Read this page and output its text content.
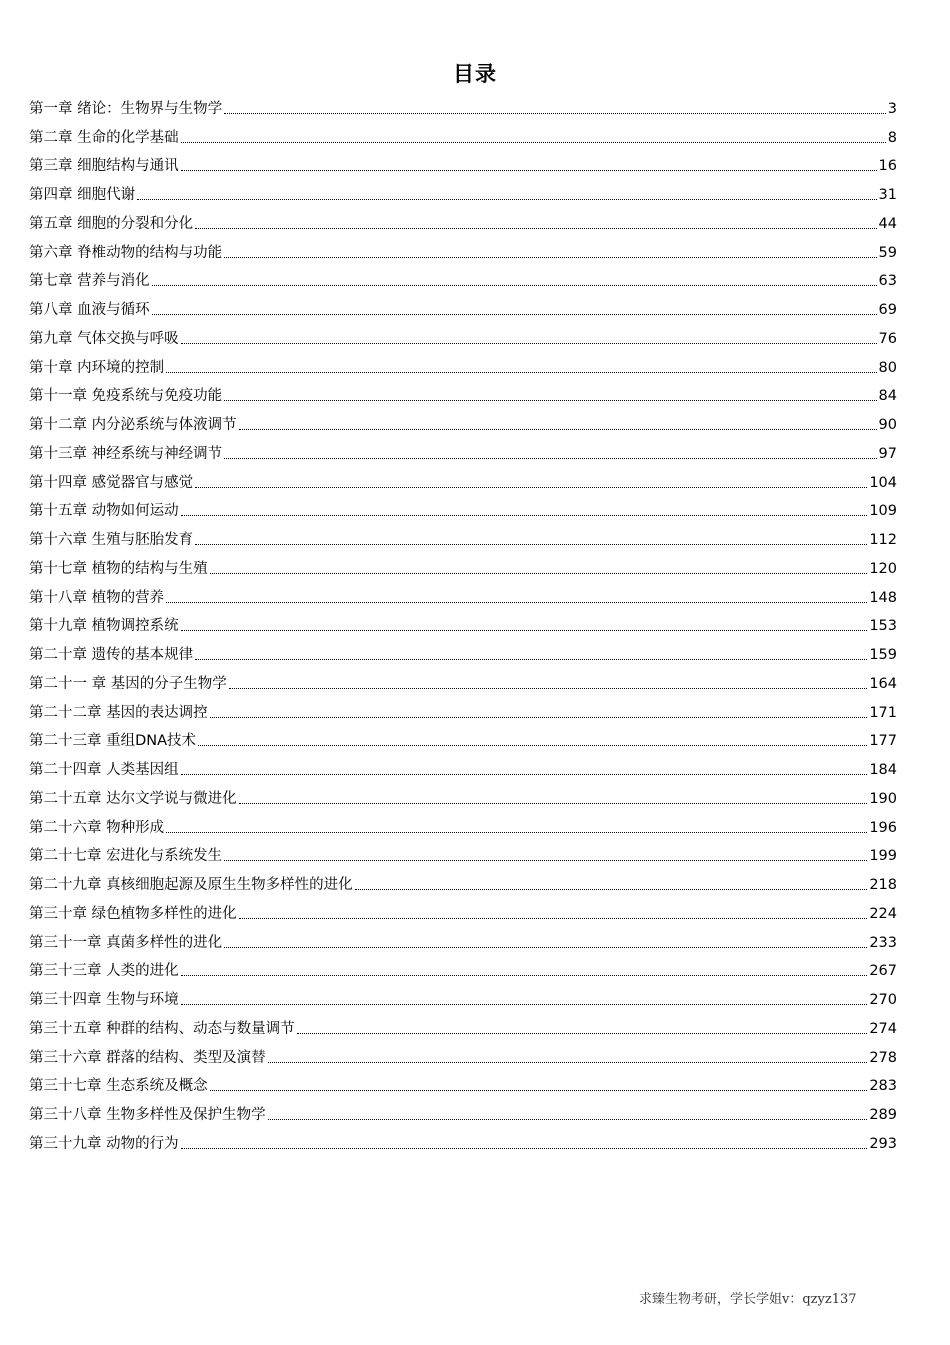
目录
第一章 绪论：生物界与生物学	3
第二章 生命的化学基础	8
第三章 细胞结构与通讯	16
第四章 细胞代谢	31
第五章 细胞的分裂和分化	44
第六章 脊椎动物的结构与功能	59
第七章 营养与消化	63
第八章 血液与循环	69
第九章 气体交换与呼吸	76
第十章 内环境的控制	80
第十一章 免疫系统与免疫功能	84
第十二章 内分泌系统与体液调节	90
第十三章 神经系统与神经调节	97
第十四章 感觉器官与感觉	104
第十五章 动物如何运动	109
第十六章 生殖与胚胎发育	112
第十七章 植物的结构与生殖	120
第十八章 植物的营养	148
第十九章 植物调控系统	153
第二十章 遗传的基本规律	159
第二十一 章 基因的分子生物学	164
第二十二章 基因的表达调控	171
第二十三章 重组DNA技术	177
第二十四章 人类基因组	184
第二十五章 达尔文学说与微进化	190
第二十六章 物种形成	196
第二十七章 宏进化与系统发生	199
第二十九章 真核细胞起源及原生生物多样性的进化	218
第三十章 绿色植物多样性的进化	224
第三十一章 真菌多样性的进化	233
第三十三章 人类的进化	267
第三十四章 生物与环境	270
第三十五章 种群的结构、动态与数量调节	274
第三十六章 群落的结构、类型及演替	278
第三十七章 生态系统及概念	283
第三十八章 生物多样性及保护生物学	289
第三十九章 动物的行为	293
求臻生物考研，学长学姐v：qzyz137
